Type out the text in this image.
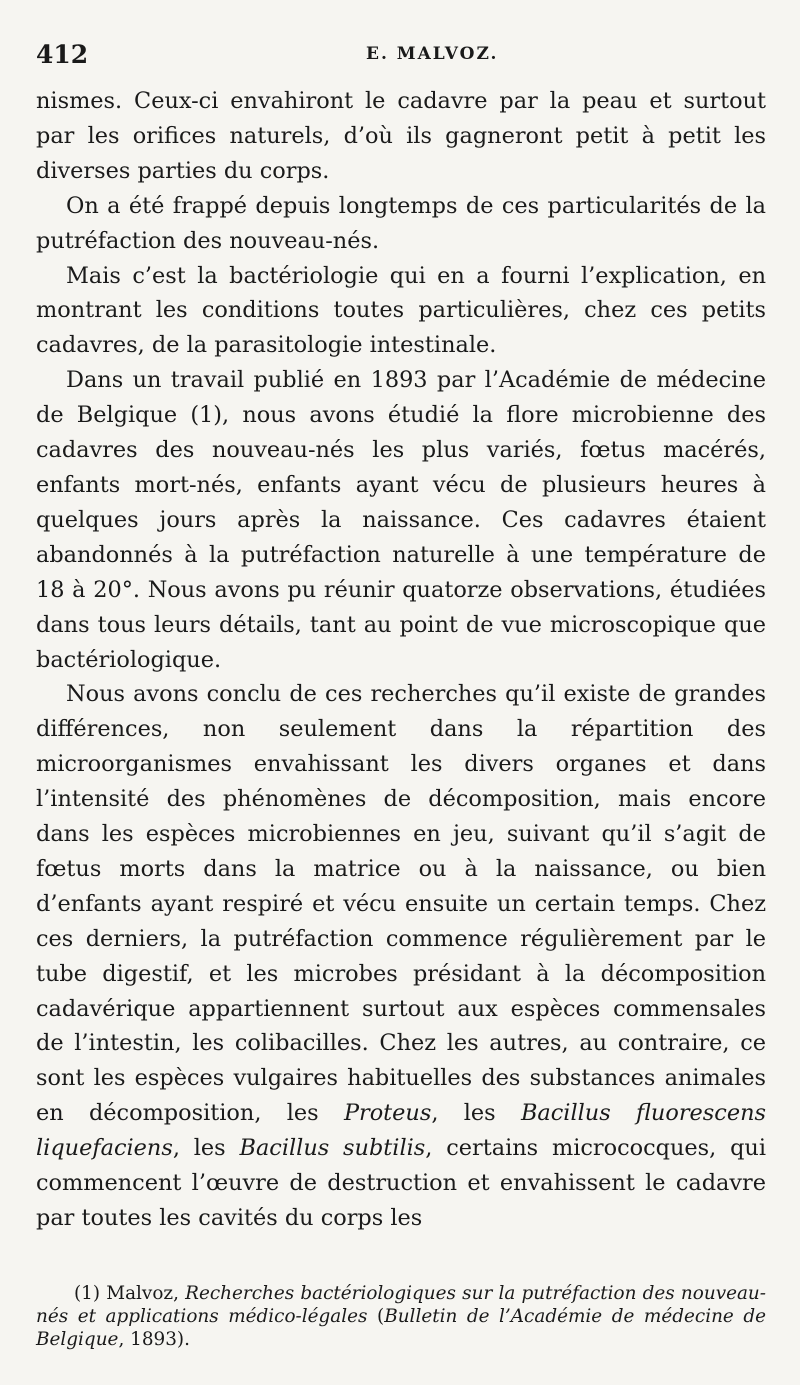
412	E. MALVOZ.

nismes. Ceux-ci envahiront le cadavre par la peau et surtout par les orifices naturels, d’où ils gagneront petit à petit les diverses parties du corps.

On a été frappé depuis longtemps de ces particularités de la putréfaction des nouveau-nés.

Mais c’est la bactériologie qui en a fourni l’explication, en montrant les conditions toutes particulières, chez ces petits cadavres, de la parasitologie intestinale.

Dans un travail publié en 1893 par l’Académie de médecine de Belgique (1), nous avons étudié la flore microbienne des cadavres des nouveau-nés les plus variés, fœtus macérés, enfants mort-nés, enfants ayant vécu de plusieurs heures à quelques jours après la naissance. Ces cadavres étaient abandonnés à la putréfaction naturelle à une température de 18 à 20°. Nous avons pu réunir quatorze observations, étudiées dans tous leurs détails, tant au point de vue microscopique que bactériologique.

Nous avons conclu de ces recherches qu’il existe de grandes différences, non seulement dans la répartition des microorganismes envahissant les divers organes et dans l’intensité des phénomènes de décomposition, mais encore dans les espèces microbiennes en jeu, suivant qu’il s’agit de fœtus morts dans la matrice ou à la naissance, ou bien d’enfants ayant respiré et vécu ensuite un certain temps. Chez ces derniers, la putréfaction commence régulièrement par le tube digestif, et les microbes présidant à la décomposition cadavérique appartiennent surtout aux espèces commensales de l’intestin, les colibacilles. Chez les autres, au contraire, ce sont les espèces vulgaires habituelles des substances animales en décomposition, les Proteus, les Bacillus fluorescens liquefaciens, les Bacillus subtilis, certains micrococques, qui commencent l’œuvre de destruction et envahissent le cadavre par toutes les cavités du corps les

(1) Malvoz, Recherches bactériologiques sur la putréfaction des nouveau-nés et applications médico-légales (Bulletin de l’Académie de médecine de Belgique, 1893).
